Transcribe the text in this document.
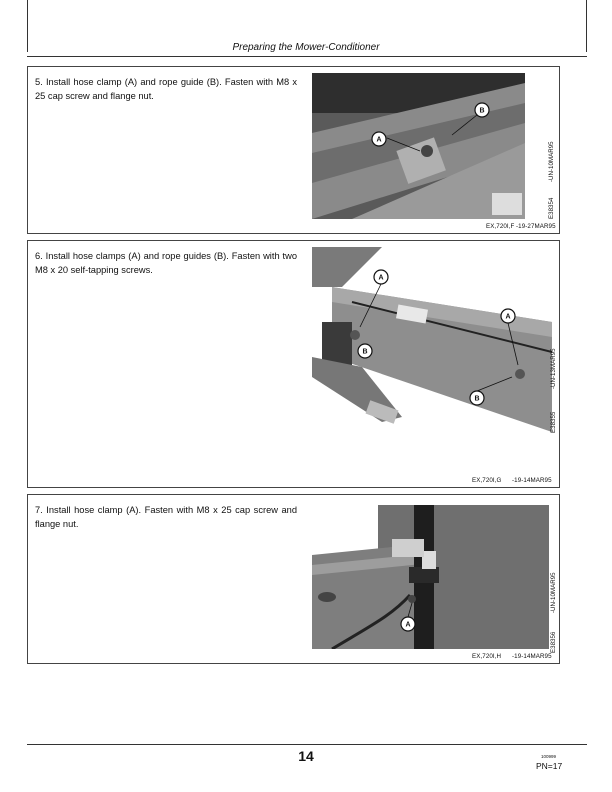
Preparing the Mower-Conditioner
5. Install hose clamp (A) and rope guide (B). Fasten with M8 x 25 cap screw and flange nut.
A
B
EX,720I,F -19-27MAR95
-UN-10MAR95
E38354
6. Install hose clamps (A) and rope guides (B). Fasten with two M8 x 20 self-tapping screws.
A
A
B
B
EX,720I,G -19-14MAR95
-UN-13MAR95
E38355
7. Install hose clamp (A). Fasten with M8 x 25 cap screw and flange nut.
A
EX,720I,H -19-14MAR95
-UN-10MAR95
E38356
14	100999
PN=17
